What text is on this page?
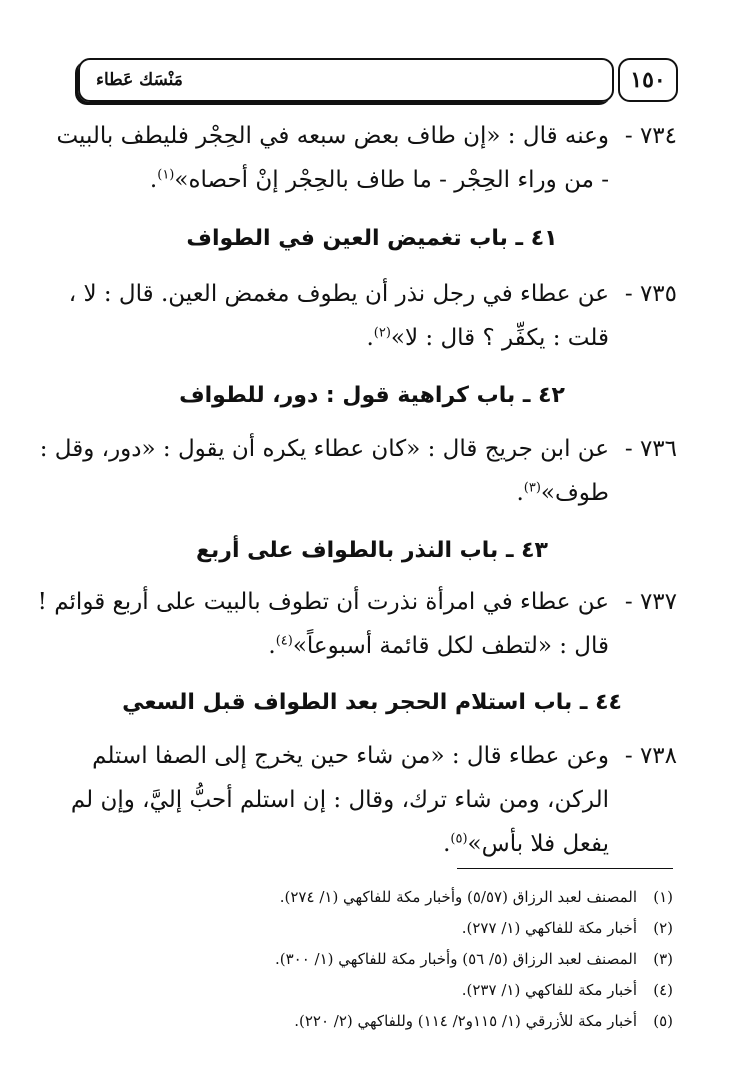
١٥٠
مَنْسَك عَطاء
٧٣٤ -وعنه قال : «إن طاف بعض سبعه في الحِجْر فليطف بالبيت
- من وراء الحِجْر - ما طاف بالحِجْر إنْ أحصاه»$^{(١)}$.
٤١ ـ باب تغميض العين في الطواف
٧٣٥ -عن عطاء في رجل نذر أن يطوف مغمض العين. قال : لا ،
قلت : يكفِّر ؟ قال : لا»$^{(٢)}$.
٤٢ ـ باب كراهية قول : دور، للطواف
٧٣٦ -عن ابن جريج قال : «كان عطاء يكره أن يقول : «دور، وقل :
طوف»$^{(٣)}$.
٤٣ ـ باب النذر بالطواف على أربع
٧٣٧ -عن عطاء في امرأة نذرت أن تطوف بالبيت على أربع قوائم !
قال : «لتطف لكل قائمة أسبوعاً»$^{(٤)}$.
٤٤ ـ باب استلام الحجر بعد الطواف قبل السعي
٧٣٨ -وعن عطاء قال : «من شاء حين يخرج إلى الصفا استلم
الركن، ومن شاء ترك، وقال : إن استلم أحبُّ إليَّ، وإن لم
يفعل فلا بأس»$^{(٥)}$.
(١)المصنف لعبد الرزاق (٥/٥٧) وأخبار مكة للفاكهي (١/ ٢٧٤).
(٢)أخبار مكة للفاكهي (١/ ٢٧٧).
(٣)المصنف لعبد الرزاق (٥/ ٥٦) وأخبار مكة للفاكهي (١/ ٣٠٠).
(٤)أخبار مكة للفاكهي (١/ ٢٣٧).
(٥)أخبار مكة للأزرقي (١/ ١١٥و٢/ ١١٤) وللفاكهي (٢/ ٢٢٠).
